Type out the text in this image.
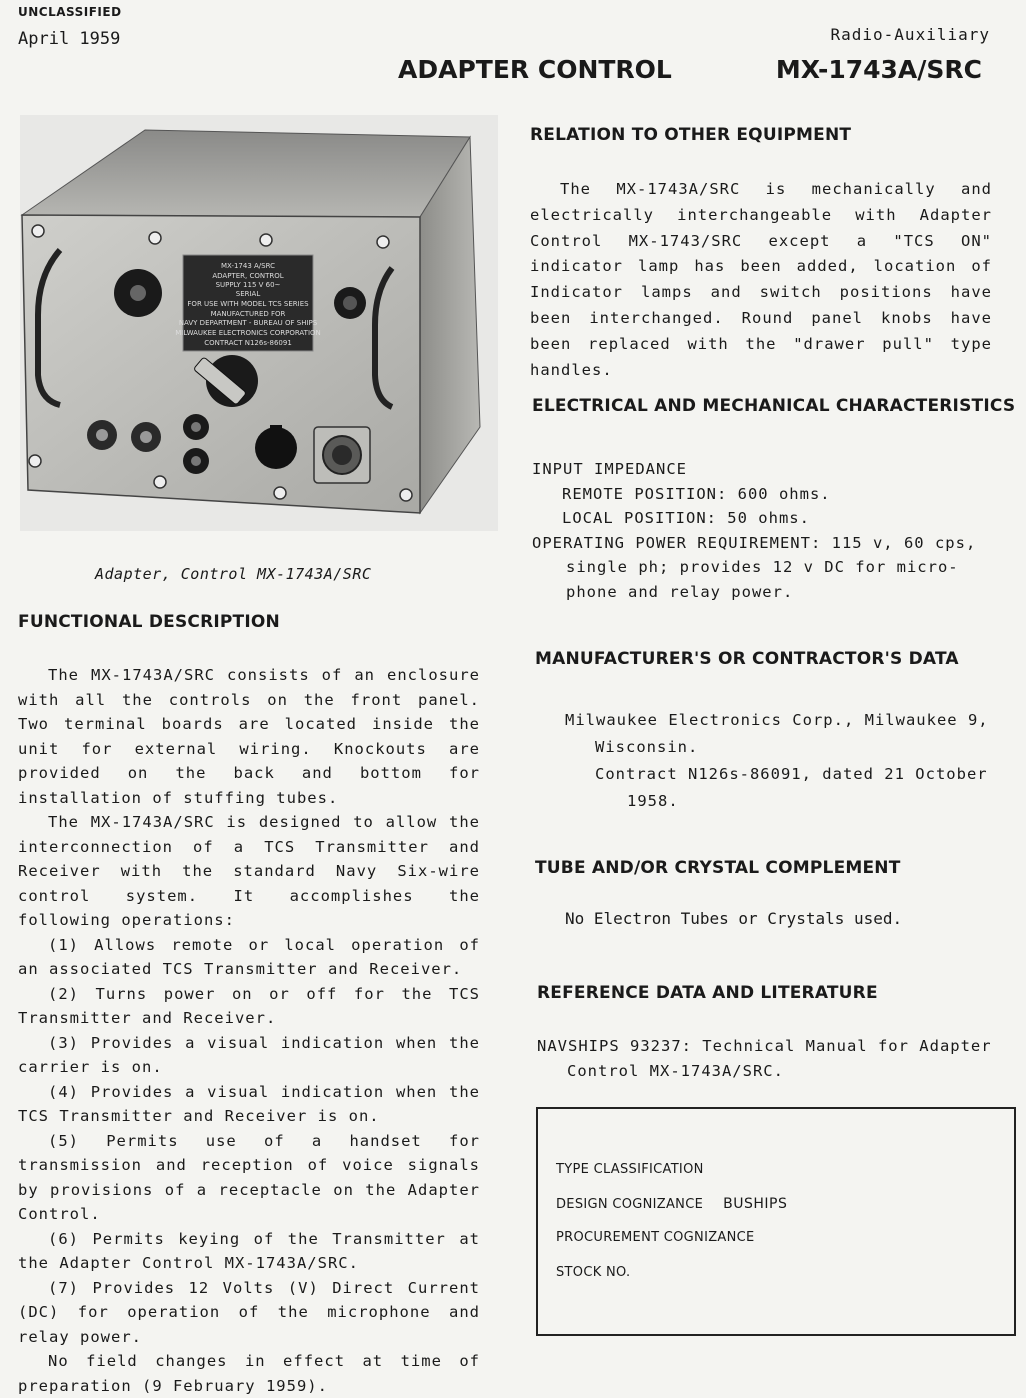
UNCLASSIFIED
April 1959	Radio-Auxiliary
ADAPTER CONTROL	MX-1743A/SRC
MX-1743 A/SRC
ADAPTER, CONTROL
SUPPLY 115 V 60~
SERIAL
FOR USE WITH MODEL TCS SERIES
MANUFACTURED FOR
NAVY DEPARTMENT - BUREAU OF SHIPS
MILWAUKEE ELECTRONICS CORPORATION
CONTRACT N126s-86091
Adapter, Control MX-1743A/SRC
FUNCTIONAL DESCRIPTION

The MX-1743A/SRC consists of an enclosure with all the controls on the front panel. Two terminal boards are located inside the unit for external wiring. Knockouts are provided on the back and bottom for installation of stuffing tubes.

The MX-1743A/SRC is designed to allow the interconnection of a TCS Transmitter and Receiver with the standard Navy Six-wire control system. It accomplishes the following operations:

(1) Allows remote or local operation of an associated TCS Transmitter and Receiver.

(2) Turns power on or off for the TCS Transmitter and Receiver.

(3) Provides a visual indication when the carrier is on.

(4) Provides a visual indication when the TCS Transmitter and Receiver is on.

(5) Permits use of a handset for transmission and reception of voice signals by provisions of a receptacle on the Adapter Control.

(6) Permits keying of the Transmitter at the Adapter Control MX-1743A/SRC.

(7) Provides 12 Volts (V) Direct Current (DC) for operation of the microphone and relay power.

No field changes in effect at time of preparation (9 February 1959).

RELATION TO OTHER EQUIPMENT

The MX-1743A/SRC is mechanically and electrically interchangeable with Adapter Control MX-1743/SRC except a "TCS ON" indicator lamp has been added, location of Indicator lamps and switch positions have been interchanged. Round panel knobs have been replaced with the "drawer pull" type handles.

ELECTRICAL AND MECHANICAL CHARACTERISTICS
INPUT IMPEDANCE
REMOTE POSITION: 600 ohms.
LOCAL POSITION: 50 ohms.
OPERATING POWER REQUIREMENT: 115 v, 60 cps,
single ph; provides 12 v DC for micro-
phone and relay power.
MANUFACTURER'S OR CONTRACTOR'S DATA
Milwaukee Electronics Corp., Milwaukee 9,
Wisconsin.
Contract N126s-86091, dated 21 October
1958.
TUBE AND/OR CRYSTAL COMPLEMENT
No Electron Tubes or Crystals used.
REFERENCE DATA AND LITERATURE
NAVSHIPS 93237: Technical Manual for Adapter
Control MX-1743A/SRC.
TYPE CLASSIFICATION
DESIGN COGNIZANCE BUSHIPS
PROCUREMENT COGNIZANCE
STOCK NO.
